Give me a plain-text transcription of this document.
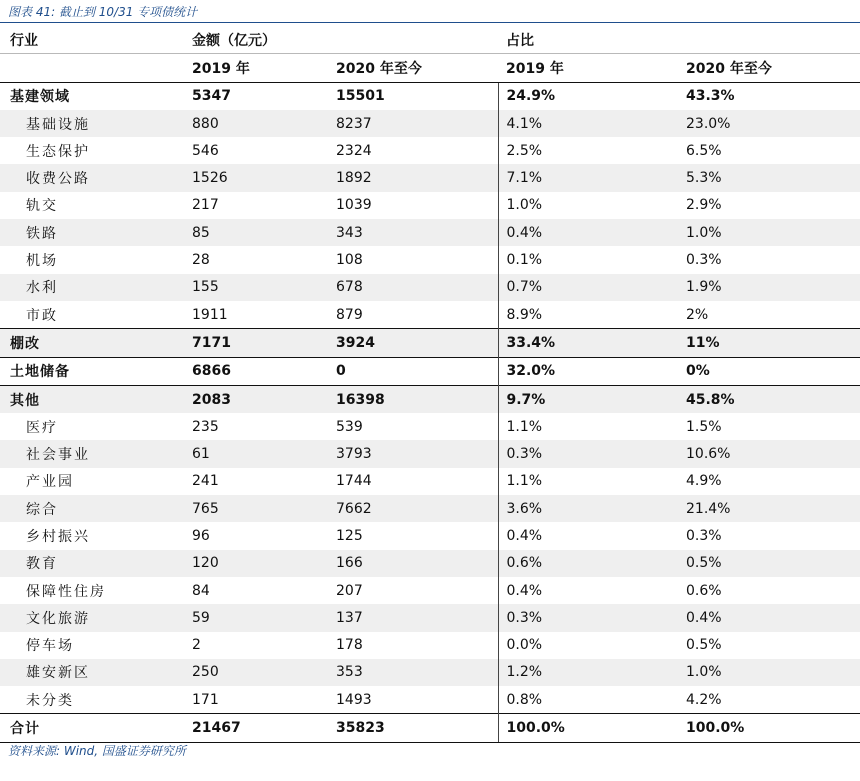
图表 41: 截止到 10/31 专项债统计
行业	金额（亿元）		占比	
	2019 年	2020 年至今	2019 年	2020 年至今
基建领域	5347	15501	24.9%	43.3%
基础设施	880	8237	4.1%	23.0%
生态保护	546	2324	2.5%	6.5%
收费公路	1526	1892	7.1%	5.3%
轨交	217	1039	1.0%	2.9%
铁路	85	343	0.4%	1.0%
机场	28	108	0.1%	0.3%
水利	155	678	0.7%	1.9%
市政	1911	879	8.9%	2%
棚改	7171	3924	33.4%	11%
土地储备	6866	0	32.0%	0%
其他	2083	16398	9.7%	45.8%
医疗	235	539	1.1%	1.5%
社会事业	61	3793	0.3%	10.6%
产业园	241	1744	1.1%	4.9%
综合	765	7662	3.6%	21.4%
乡村振兴	96	125	0.4%	0.3%
教育	120	166	0.6%	0.5%
保障性住房	84	207	0.4%	0.6%
文化旅游	59	137	0.3%	0.4%
停车场	2	178	0.0%	0.5%
雄安新区	250	353	1.2%	1.0%
未分类	171	1493	0.8%	4.2%
合计	21467	35823	100.0%	100.0%
资料来源: Wind, 国盛证券研究所
